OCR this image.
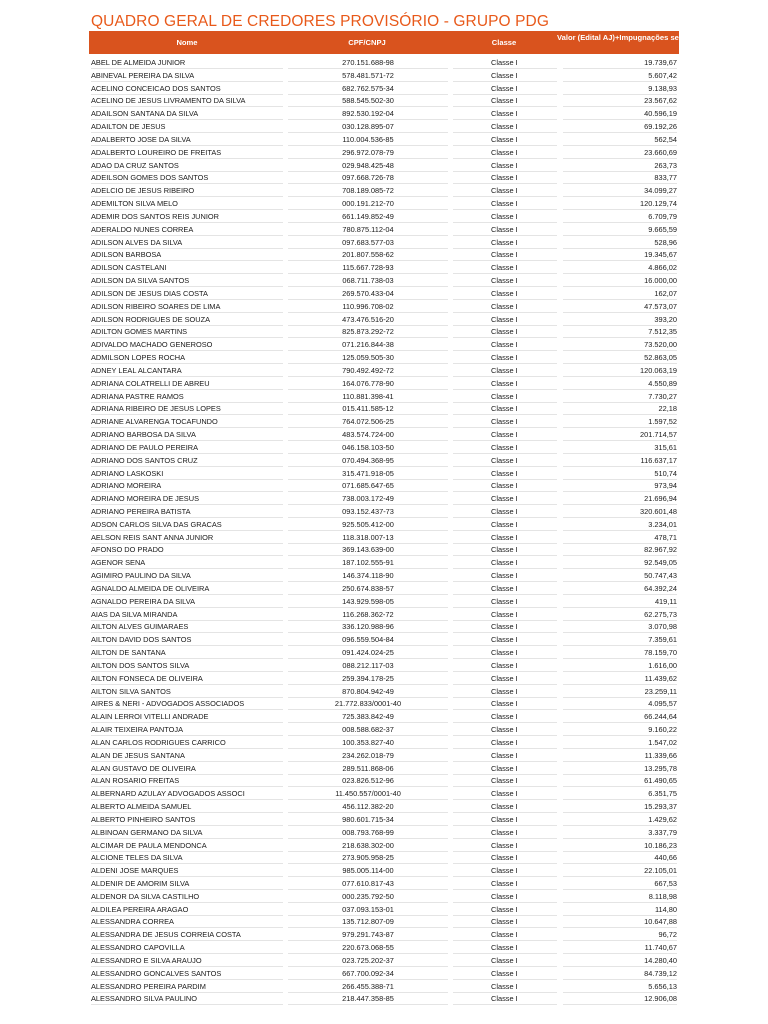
QUADRO GERAL DE CREDORES PROVISÓRIO - GRUPO PDG
Nome	CPF/CNPJ	Classe
Valor (Edital AJ)+Impugnações sentenciadas (R$)
ABEL DE ALMEIDA JUNIOR	270.151.688-98	Classe I	19.739,67
ABINEVAL PEREIRA DA SILVA	578.481.571-72	Classe I	5.607,42
ACELINO CONCEICAO DOS SANTOS	682.762.575-34	Classe I	9.138,93
ACELINO DE JESUS LIVRAMENTO DA SILVA	588.545.502-30	Classe I	23.567,62
ADAILSON SANTANA DA SILVA	892.530.192-04	Classe I	40.596,19
ADAILTON DE JESUS	030.128.895-07	Classe I	69.192,26
ADALBERTO JOSE DA SILVA	110.004.536-85	Classe I	562,54
ADALBERTO LOUREIRO DE FREITAS	296.972.078-79	Classe I	23.660,69
ADAO DA CRUZ SANTOS	029.948.425-48	Classe I	263,73
ADEILSON GOMES DOS SANTOS	097.668.726-78	Classe I	833,77
ADELCIO DE JESUS RIBEIRO	708.189.085-72	Classe I	34.099,27
ADEMILTON SILVA MELO	000.191.212-70	Classe I	120.129,74
ADEMIR DOS SANTOS REIS JUNIOR	661.149.852-49	Classe I	6.709,79
ADERALDO NUNES CORREA	780.875.112-04	Classe I	9.665,59
ADILSON ALVES DA SILVA	097.683.577-03	Classe I	528,96
ADILSON BARBOSA	201.807.558-62	Classe I	19.345,67
ADILSON CASTELANI	115.667.728-93	Classe I	4.866,02
ADILSON DA SILVA SANTOS	068.711.738-03	Classe I	16.000,00
ADILSON DE JESUS DIAS COSTA	269.570.433-04	Classe I	162,07
ADILSON RIBEIRO SOARES DE LIMA	110.996.708-02	Classe I	47.573,07
ADILSON RODRIGUES DE SOUZA	473.476.516-20	Classe I	393,20
ADILTON GOMES MARTINS	825.873.292-72	Classe I	7.512,35
ADIVALDO MACHADO GENEROSO	071.216.844-38	Classe I	73.520,00
ADMILSON LOPES ROCHA	125.059.505-30	Classe I	52.863,05
ADNEY LEAL ALCANTARA	790.492.492-72	Classe I	120.063,19
ADRIANA COLATRELLI DE ABREU	164.076.778-90	Classe I	4.550,89
ADRIANA PASTRE RAMOS	110.881.398-41	Classe I	7.730,27
ADRIANA RIBEIRO DE JESUS LOPES	015.411.585-12	Classe I	22,18
ADRIANE ALVARENGA TOCAFUNDO	764.072.506-25	Classe I	1.597,52
ADRIANO BARBOSA DA SILVA	483.574.724-00	Classe I	201.714,57
ADRIANO DE PAULO PEREIRA	046.158.103-50	Classe I	315,61
ADRIANO DOS SANTOS CRUZ	070.494.368-95	Classe I	116.637,17
ADRIANO LASKOSKI	315.471.918-05	Classe I	510,74
ADRIANO MOREIRA	071.685.647-65	Classe I	973,94
ADRIANO MOREIRA DE JESUS	738.003.172-49	Classe I	21.696,94
ADRIANO PEREIRA BATISTA	093.152.437-73	Classe I	320.601,48
ADSON CARLOS SILVA DAS GRACAS	925.505.412-00	Classe I	3.234,01
AELSON REIS SANT ANNA JUNIOR	118.318.007-13	Classe I	478,71
AFONSO DO PRADO	369.143.639-00	Classe I	82.967,92
AGENOR SENA	187.102.555-91	Classe I	92.549,05
AGIMIRO PAULINO DA SILVA	146.374.118-90	Classe I	50.747,43
AGNALDO ALMEIDA DE OLIVEIRA	250.674.838-57	Classe I	64.392,24
AGNALDO PEREIRA DA SILVA	143.929.598-05	Classe I	419,11
AIAS DA SILVA MIRANDA	116.268.362-72	Classe I	62.275,73
AILTON ALVES GUIMARAES	336.120.988-96	Classe I	3.070,98
AILTON DAVID DOS SANTOS	096.559.504-84	Classe I	7.359,61
AILTON DE SANTANA	091.424.024-25	Classe I	78.159,70
AILTON DOS SANTOS SILVA	088.212.117-03	Classe I	1.616,00
AILTON FONSECA DE OLIVEIRA	259.394.178-25	Classe I	11.439,62
AILTON SILVA SANTOS	870.804.942-49	Classe I	23.259,11
AIRES & NERI - ADVOGADOS ASSOCIADOS	21.772.833/0001-40	Classe I	4.095,57
ALAIN LERROI VITELLI ANDRADE	725.383.842-49	Classe I	66.244,64
ALAIR TEIXEIRA PANTOJA	008.588.682-37	Classe I	9.160,22
ALAN CARLOS RODRIGUES CARRICO	100.353.827-40	Classe I	1.547,02
ALAN DE JESUS SANTANA	234.262.018-79	Classe I	11.339,66
ALAN GUSTAVO DE OLIVEIRA	289.511.868-06	Classe I	13.295,78
ALAN ROSARIO FREITAS	023.826.512-96	Classe I	61.490,65
ALBERNARD AZULAY ADVOGADOS ASSOCI	11.450.557/0001-40	Classe I	6.351,75
ALBERTO ALMEIDA SAMUEL	456.112.382-20	Classe I	15.293,37
ALBERTO PINHEIRO SANTOS	980.601.715-34	Classe I	1.429,62
ALBINOAN GERMANO DA SILVA	008.793.768-99	Classe I	3.337,79
ALCIMAR DE PAULA MENDONCA	218.638.302-00	Classe I	10.186,23
ALCIONE TELES DA SILVA	273.905.958-25	Classe I	440,66
ALDENI JOSE MARQUES	985.005.114-00	Classe I	22.105,01
ALDENIR DE AMORIM SILVA	077.610.817-43	Classe I	667,53
ALDENOR DA SILVA CASTILHO	000.235.792-50	Classe I	8.118,98
ALDILEA PEREIRA ARAGAO	037.093.153-01	Classe I	114,80
ALESSANDRA CORREA	135.712.807-09	Classe I	10.647,88
ALESSANDRA DE JESUS CORREIA COSTA	979.291.743-87	Classe I	96,72
ALESSANDRO CAPOVILLA	220.673.068-55	Classe I	11.740,67
ALESSANDRO E SILVA ARAUJO	023.725.202-37	Classe I	14.280,40
ALESSANDRO GONCALVES SANTOS	667.700.092-34	Classe I	84.739,12
ALESSANDRO PEREIRA PARDIM	266.455.388-71	Classe I	5.656,13
ALESSANDRO SILVA PAULINO	218.447.358-85	Classe I	12.906,08
